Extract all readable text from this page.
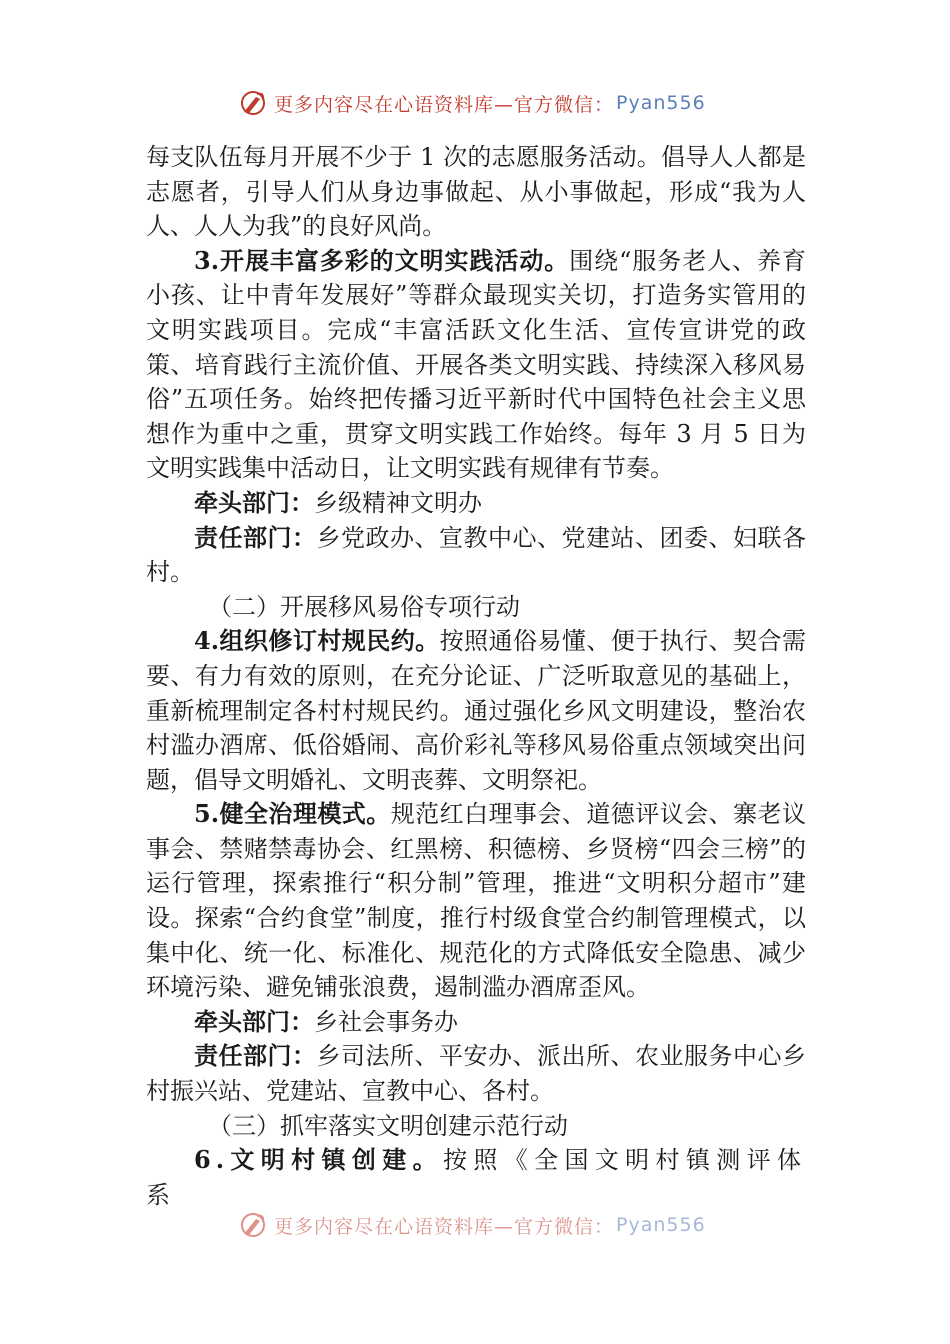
更多内容尽在心语资料库—官方微信： Pyan556

每支队伍每月开展不少于 1 次的志愿服务活动。倡导人人都是志愿者，引导人们从身边事做起、从小事做起，形成“我为人人、人人为我”的良好风尚。

3.开展丰富多彩的文明实践活动。围绕“服务老人、养育小孩、让中青年发展好”等群众最现实关切，打造务实管用的文明实践项目。完成“丰富活跃文化生活、宣传宣讲党的政策、培育践行主流价值、开展各类文明实践、持续深入移风易俗”五项任务。始终把传播习近平新时代中国特色社会主义思想作为重中之重，贯穿文明实践工作始终。每年 3 月 5 日为文明实践集中活动日，让文明实践有规律有节奏。

牵头部门：乡级精神文明办

责任部门：乡党政办、宣教中心、党建站、团委、妇联各村。

（二）开展移风易俗专项行动

4.组织修订村规民约。按照通俗易懂、便于执行、契合需要、有力有效的原则，在充分论证、广泛听取意见的基础上，重新梳理制定各村村规民约。通过强化乡风文明建设，整治农村滥办酒席、低俗婚闹、高价彩礼等移风易俗重点领域突出问题，倡导文明婚礼、文明丧葬、文明祭祀。

5.健全治理模式。规范红白理事会、道德评议会、寨老议事会、禁赌禁毒协会、红黑榜、积德榜、乡贤榜“四会三榜”的运行管理，探索推行“积分制”管理，推进“文明积分超市”建设。探索“合约食堂”制度，推行村级食堂合约制管理模式，以集中化、统一化、标准化、规范化的方式降低安全隐患、减少环境污染、避免铺张浪费，遏制滥办酒席歪风。

牵头部门：乡社会事务办

责任部门：乡司法所、平安办、派出所、农业服务中心乡村振兴站、党建站、宣教中心、各村。

（三）抓牢落实文明创建示范行动

6.文明村镇创建。按照《全国文明村镇测评体系

更多内容尽在心语资料库—官方微信： Pyan556
